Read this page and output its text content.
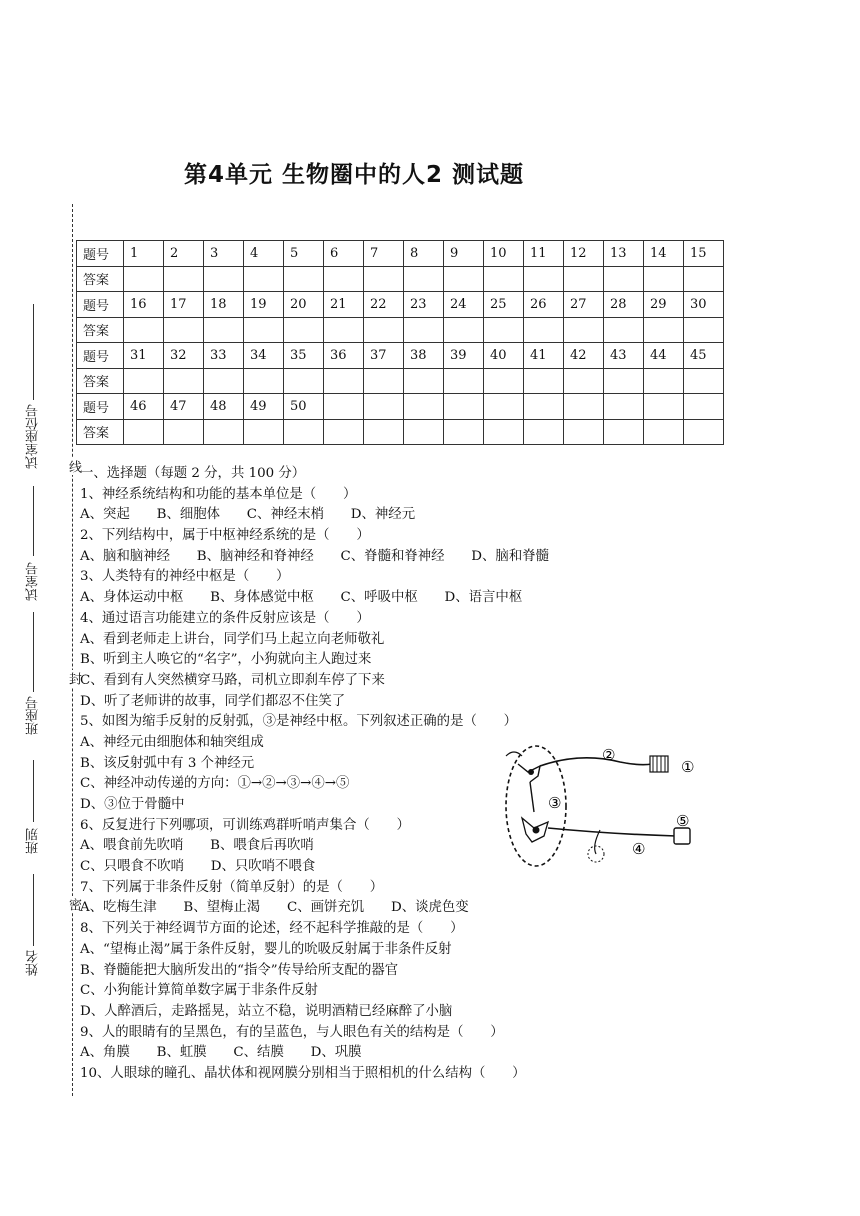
第4单元 生物圈中的人2 测试题
试室座位号
试室号
班座号
班别
姓名
线
封
密
题号	1	2	3	4	5	6	7	8	9	10	11	12	13	14	15
答案															
题号	16	17	18	19	20	21	22	23	24	25	26	27	28	29	30
答案															
题号	31	32	33	34	35	36	37	38	39	40	41	42	43	44	45
答案															
题号	46	47	48	49	50										
答案															
一、选择题（每题 2 分，共 100 分）
1、神经系统结构和功能的基本单位是（　　）
A、突起　　B、细胞体　　C、神经末梢　　D、神经元
2、下列结构中，属于中枢神经系统的是（　　）
A、脑和脑神经　　B、脑神经和脊神经　　C、脊髓和脊神经　　D、脑和脊髓
3、人类特有的神经中枢是（　　）
A、身体运动中枢　　B、身体感觉中枢　　C、呼吸中枢　　D、语言中枢
4、通过语言功能建立的条件反射应该是（　　）
A、看到老师走上讲台，同学们马上起立向老师敬礼
B、听到主人唤它的“名字”，小狗就向主人跑过来
C、看到有人突然横穿马路，司机立即刹车停了下来
D、听了老师讲的故事，同学们都忍不住笑了
5、如图为缩手反射的反射弧，③是神经中枢。下列叙述正确的是（　　）
A、神经元由细胞体和轴突组成
B、该反射弧中有 3 个神经元
C、神经冲动传递的方向：①→②→③→④→⑤
D、③位于骨髓中
6、反复进行下列哪项，可训练鸡群听哨声集合（　　）
A、喂食前先吹哨　　B、喂食后再吹哨
C、只喂食不吹哨　　D、只吹哨不喂食
7、下列属于非条件反射（简单反射）的是（　　）
A、吃梅生津　　B、望梅止渴　　C、画饼充饥　　D、谈虎色变
8、下列关于神经调节方面的论述，经不起科学推敲的是（　　）
A、“望梅止渴”属于条件反射，婴儿的吮吸反射属于非条件反射
B、脊髓能把大脑所发出的“指令”传导给所支配的器官
C、小狗能计算简单数字属于非条件反射
D、人醉酒后，走路摇晃，站立不稳，说明酒精已经麻醉了小脑
9、人的眼睛有的呈黑色，有的呈蓝色，与人眼色有关的结构是（　　）
A、角膜　　B、虹膜　　C、结膜　　D、巩膜
10、人眼球的瞳孔、晶状体和视网膜分别相当于照相机的什么结构（　　）
①
②
③
④
⑤
